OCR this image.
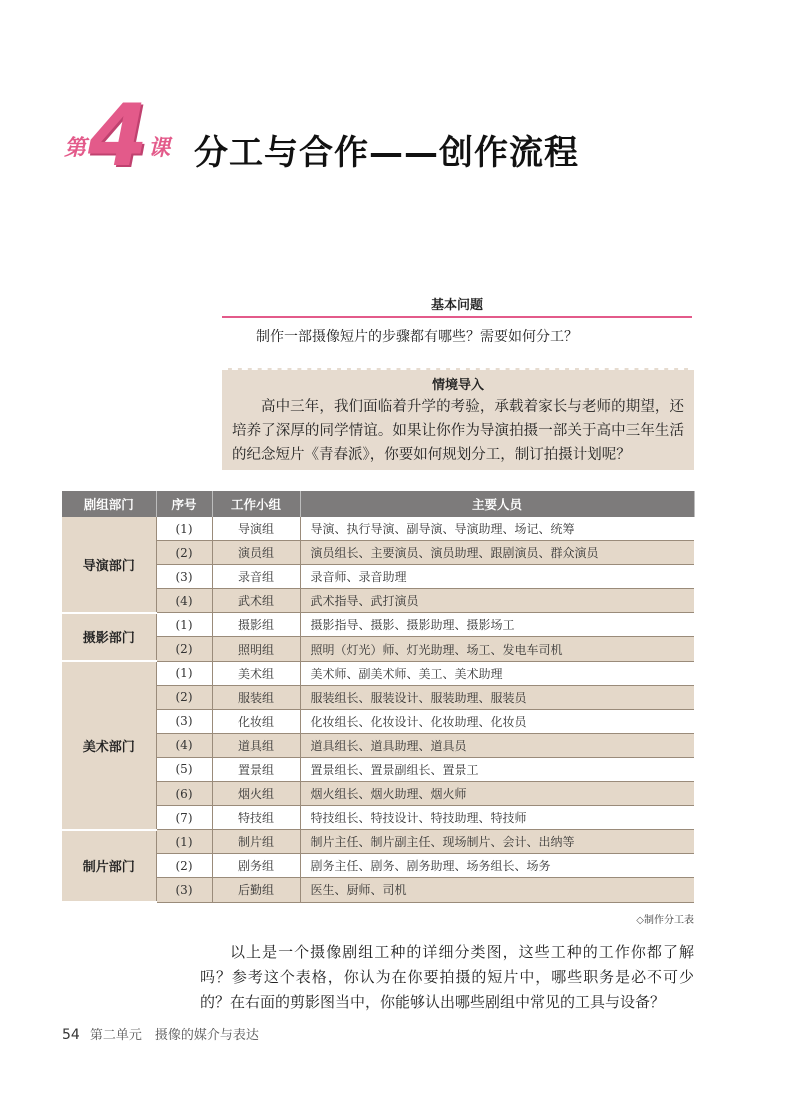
第 4 课 分工与合作——创作流程
基本问题
制作一部摄像短片的步骤都有哪些？需要如何分工？
情境导入
高中三年，我们面临着升学的考验，承载着家长与老师的期望，还培养了深厚的同学情谊。如果让你作为导演拍摄一部关于高中三年生活的纪念短片《青春派》，你要如何规划分工，制订拍摄计划呢？
剧组部门	序号	工作小组	主要人员
导演部门	(1)	导演组	导演、执行导演、副导演、导演助理、场记、统筹
	(2)	演员组	演员组长、主要演员、演员助理、跟剧演员、群众演员
	(3)	录音组	录音师、录音助理
	(4)	武术组	武术指导、武打演员
摄影部门	(1)	摄影组	摄影指导、摄影、摄影助理、摄影场工
	(2)	照明组	照明（灯光）师、灯光助理、场工、发电车司机
美术部门	(1)	美术组	美术师、副美术师、美工、美术助理
	(2)	服装组	服装组长、服装设计、服装助理、服装员
	(3)	化妆组	化妆组长、化妆设计、化妆助理、化妆员
	(4)	道具组	道具组长、道具助理、道具员
	(5)	置景组	置景组长、置景副组长、置景工
	(6)	烟火组	烟火组长、烟火助理、烟火师
	(7)	特技组	特技组长、特技设计、特技助理、特技师
制片部门	(1)	制片组	制片主任、制片副主任、现场制片、会计、出纳等
	(2)	剧务组	剧务主任、剧务、剧务助理、场务组长、场务
	(3)	后勤组	医生、厨师、司机
◇制作分工表
以上是一个摄像剧组工种的详细分类图，这些工种的工作你都了解吗？参考这个表格，你认为在你要拍摄的短片中，哪些职务是必不可少的？在右面的剪影图当中，你能够认出哪些剧组中常见的工具与设备？
54 第二单元　摄像的媒介与表达
